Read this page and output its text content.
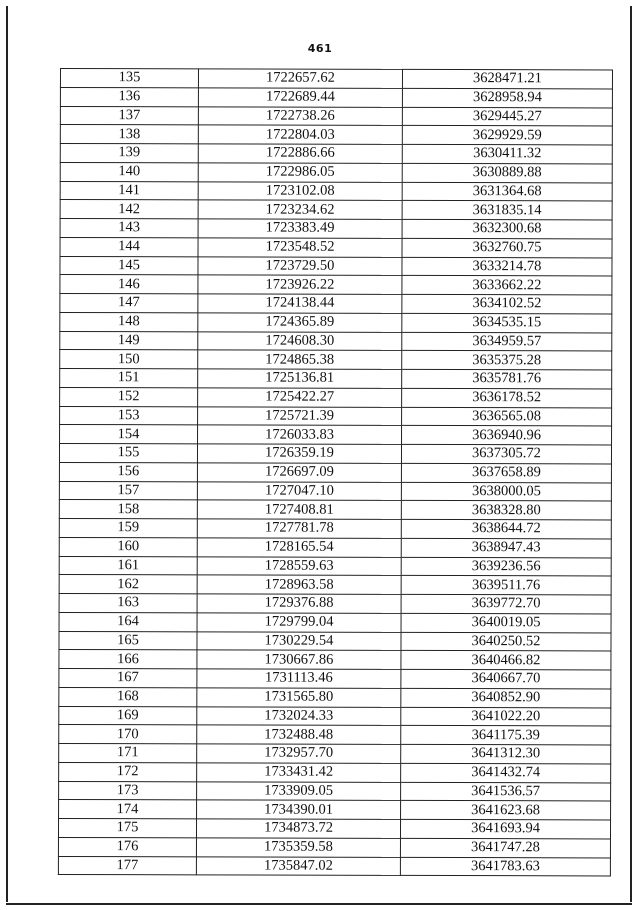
461
135	1722657.62	3628471.21
136	1722689.44	3628958.94
137	1722738.26	3629445.27
138	1722804.03	3629929.59
139	1722886.66	3630411.32
140	1722986.05	3630889.88
141	1723102.08	3631364.68
142	1723234.62	3631835.14
143	1723383.49	3632300.68
144	1723548.52	3632760.75
145	1723729.50	3633214.78
146	1723926.22	3633662.22
147	1724138.44	3634102.52
148	1724365.89	3634535.15
149	1724608.30	3634959.57
150	1724865.38	3635375.28
151	1725136.81	3635781.76
152	1725422.27	3636178.52
153	1725721.39	3636565.08
154	1726033.83	3636940.96
155	1726359.19	3637305.72
156	1726697.09	3637658.89
157	1727047.10	3638000.05
158	1727408.81	3638328.80
159	1727781.78	3638644.72
160	1728165.54	3638947.43
161	1728559.63	3639236.56
162	1728963.58	3639511.76
163	1729376.88	3639772.70
164	1729799.04	3640019.05
165	1730229.54	3640250.52
166	1730667.86	3640466.82
167	1731113.46	3640667.70
168	1731565.80	3640852.90
169	1732024.33	3641022.20
170	1732488.48	3641175.39
171	1732957.70	3641312.30
172	1733431.42	3641432.74
173	1733909.05	3641536.57
174	1734390.01	3641623.68
175	1734873.72	3641693.94
176	1735359.58	3641747.28
177	1735847.02	3641783.63
